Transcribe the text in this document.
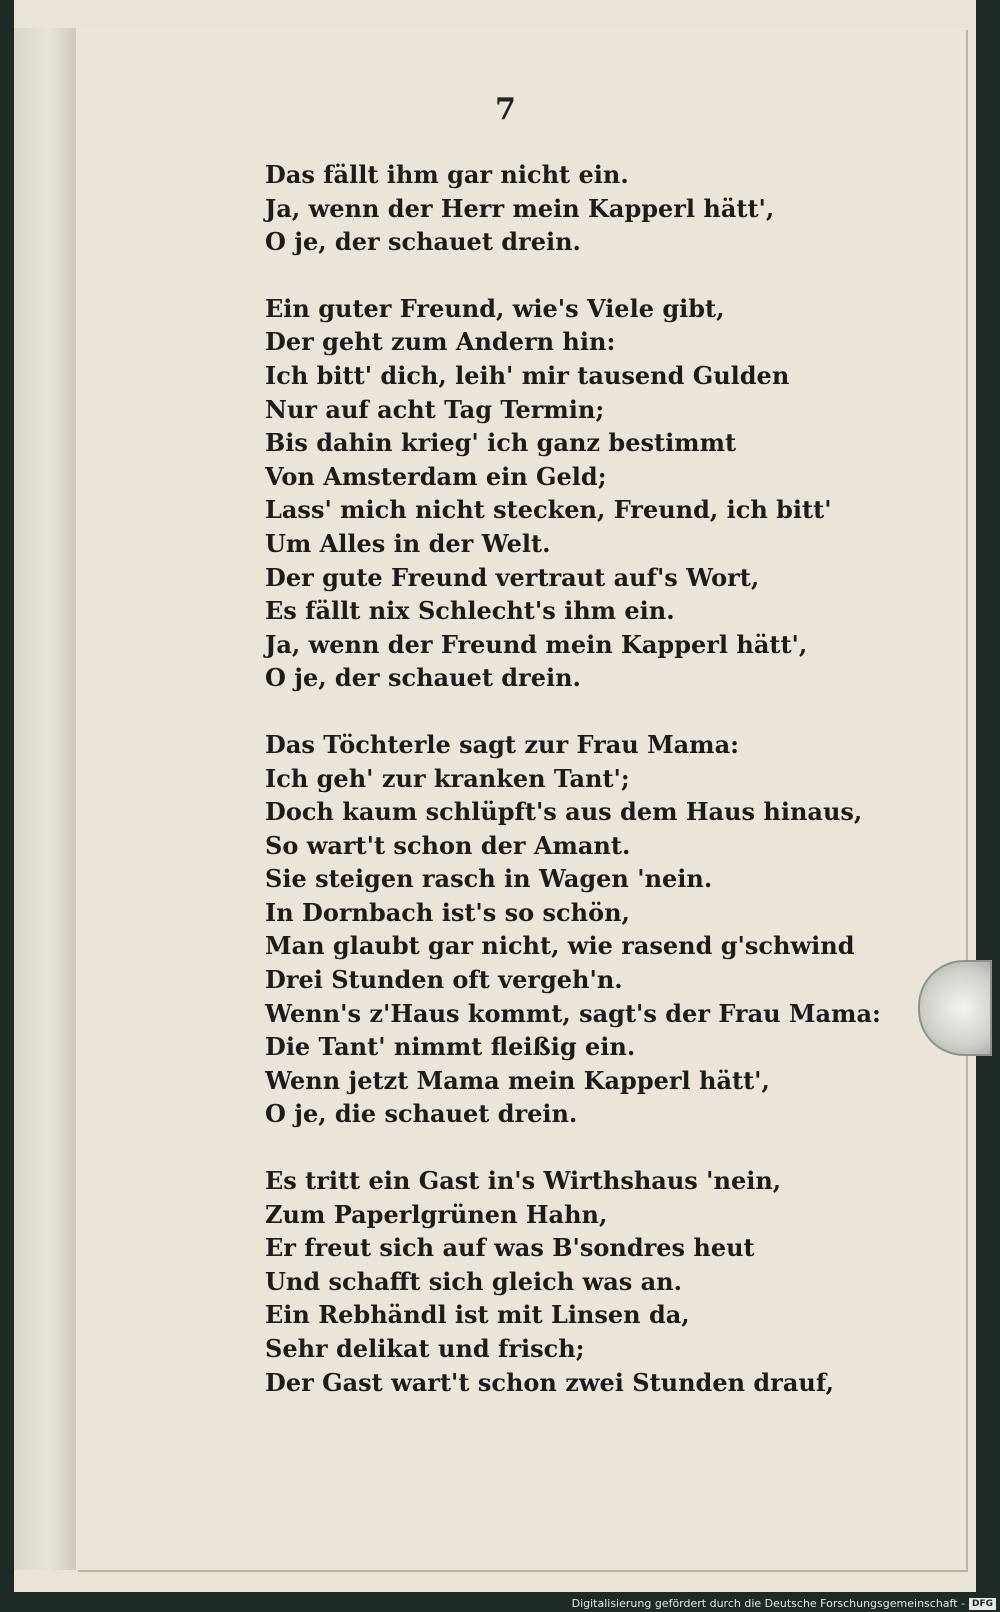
7
Das fällt ihm gar nicht ein.
Ja, wenn der Herr mein Kapperl hätt',
O je, der schauet drein.
Ein guter Freund, wie's Viele gibt,
Der geht zum Andern hin:
Ich bitt' dich, leih' mir tausend Gulden
Nur auf acht Tag Termin;
Bis dahin krieg' ich ganz bestimmt
Von Amsterdam ein Geld;
Lass' mich nicht stecken, Freund, ich bitt'
Um Alles in der Welt.
Der gute Freund vertraut auf's Wort,
Es fällt nix Schlecht's ihm ein.
Ja, wenn der Freund mein Kapperl hätt',
O je, der schauet drein.
Das Töchterle sagt zur Frau Mama:
Ich geh' zur kranken Tant';
Doch kaum schlüpft's aus dem Haus hinaus,
So wart't schon der Amant.
Sie steigen rasch in Wagen 'nein.
In Dornbach ist's so schön,
Man glaubt gar nicht, wie rasend g'schwind
Drei Stunden oft vergeh'n.
Wenn's z'Haus kommt, sagt's der Frau Mama:
Die Tant' nimmt fleißig ein.
Wenn jetzt Mama mein Kapperl hätt',
O je, die schauet drein.
Es tritt ein Gast in's Wirthshaus 'nein,
Zum Paperlgrünen Hahn,
Er freut sich auf was B'sondres heut
Und schafft sich gleich was an.
Ein Rebhändl ist mit Linsen da,
Sehr delikat und frisch;
Der Gast wart't schon zwei Stunden drauf,
Digitalisierung gefördert durch die Deutsche Forschungsgemeinschaft - DFG
